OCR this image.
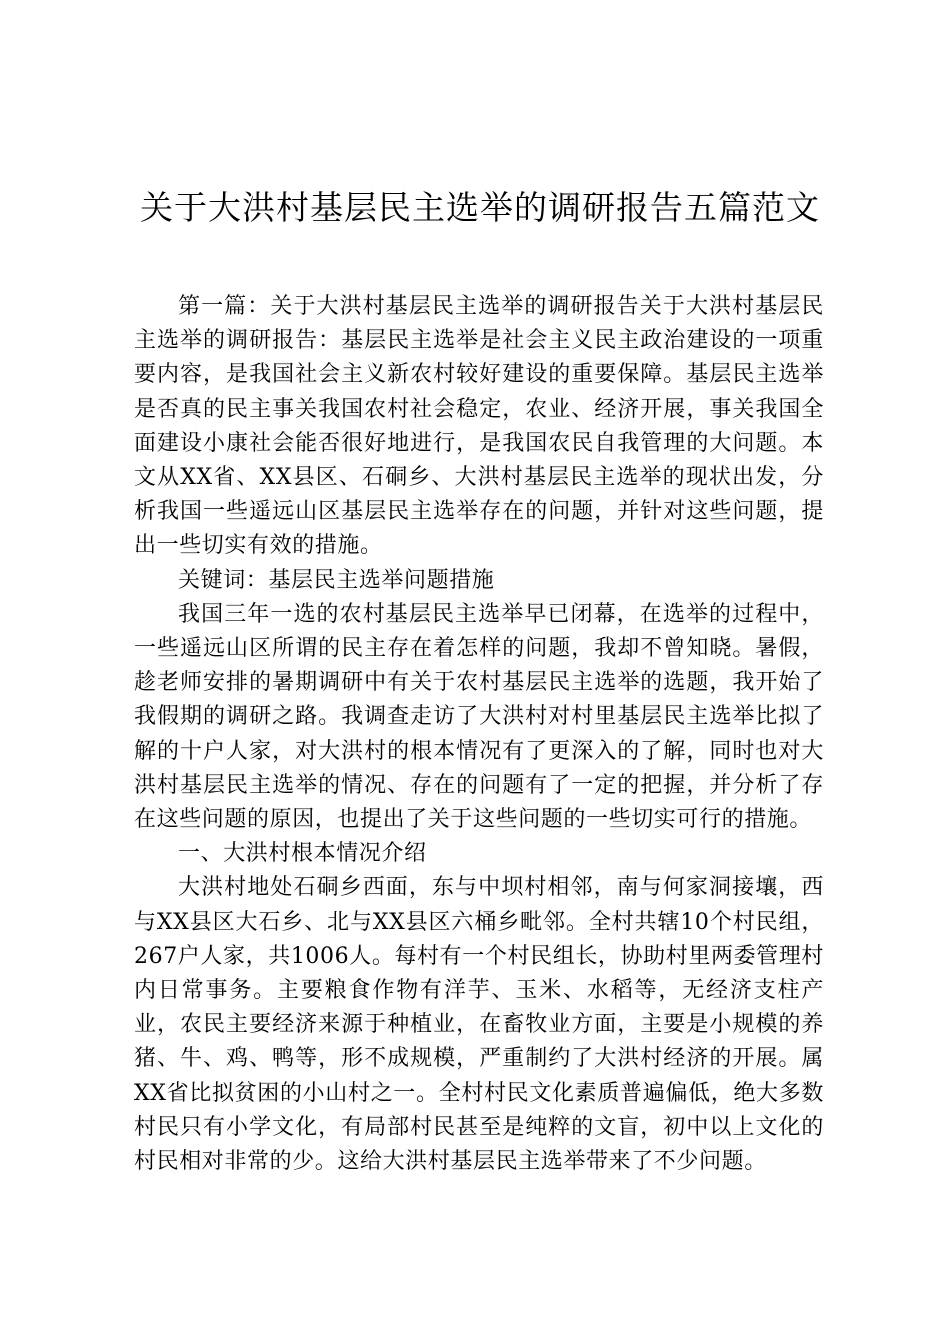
关于大洪村基层民主选举的调研报告五篇范文

第一篇：关于大洪村基层民主选举的调研报告关于大洪村基层民主选举的调研报告：基层民主选举是社会主义民主政治建设的一项重要内容，是我国社会主义新农村较好建设的重要保障。基层民主选举是否真的民主事关我国农村社会稳定，农业、经济开展，事关我国全面建设小康社会能否很好地进行，是我国农民自我管理的大问题。本文从XX省、XX县区、石硐乡、大洪村基层民主选举的现状出发，分析我国一些遥远山区基层民主选举存在的问题，并针对这些问题，提出一些切实有效的措施。

关键词：基层民主选举问题措施

我国三年一选的农村基层民主选举早已闭幕，在选举的过程中，一些遥远山区所谓的民主存在着怎样的问题，我却不曾知晓。暑假，趁老师安排的暑期调研中有关于农村基层民主选举的选题，我开始了我假期的调研之路。我调查走访了大洪村对村里基层民主选举比拟了解的十户人家，对大洪村的根本情况有了更深入的了解，同时也对大洪村基层民主选举的情况、存在的问题有了一定的把握，并分析了存在这些问题的原因，也提出了关于这些问题的一些切实可行的措施。

一、大洪村根本情况介绍

大洪村地处石硐乡西面，东与中坝村相邻，南与何家洞接壤，西与XX县区大石乡、北与XX县区六桶乡毗邻。全村共辖10个村民组，267户人家，共1006人。每村有一个村民组长，协助村里两委管理村内日常事务。主要粮食作物有洋芋、玉米、水稻等，无经济支柱产业，农民主要经济来源于种植业，在畜牧业方面，主要是小规模的养猪、牛、鸡、鸭等，形不成规模，严重制约了大洪村经济的开展。属XX省比拟贫困的小山村之一。全村村民文化素质普遍偏低，绝大多数村民只有小学文化，有局部村民甚至是纯粹的文盲，初中以上文化的村民相对非常的少。这给大洪村基层民主选举带来了不少问题。
